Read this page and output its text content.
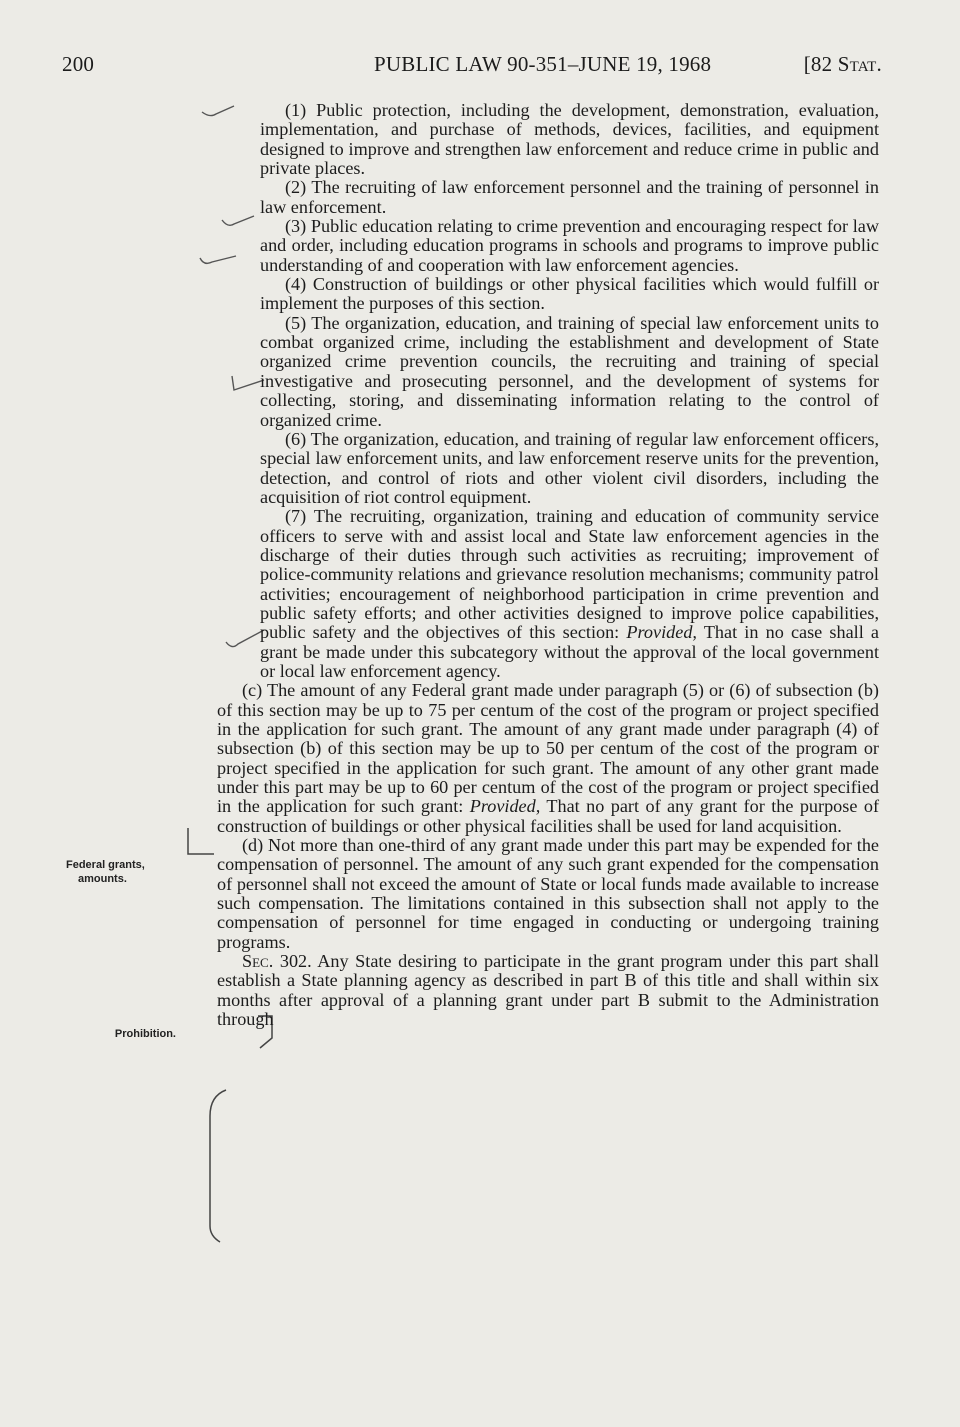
200	PUBLIC LAW 90-351–JUNE 19, 1968	[82 Stat.
Federal grants,
amounts.
Prohibition.

(1) Public protection, including the development, demonstration, evaluation, implementation, and purchase of methods, devices, facilities, and equipment designed to improve and strengthen law enforcement and reduce crime in public and private places.

(2) The recruiting of law enforcement personnel and the training of personnel in law enforcement.

(3) Public education relating to crime prevention and encouraging respect for law and order, including education programs in schools and programs to improve public understanding of and cooperation with law enforcement agencies.

(4) Construction of buildings or other physical facilities which would fulfill or implement the purposes of this section.

(5) The organization, education, and training of special law enforcement units to combat organized crime, including the establishment and development of State organized crime prevention councils, the recruiting and training of special investigative and prosecuting personnel, and the development of systems for collecting, storing, and disseminating information relating to the control of organized crime.

(6) The organization, education, and training of regular law enforcement officers, special law enforcement units, and law enforcement reserve units for the prevention, detection, and control of riots and other violent civil disorders, including the acquisition of riot control equipment.

(7) The recruiting, organization, training and education of community service officers to serve with and assist local and State law enforcement agencies in the discharge of their duties through such activities as recruiting; improvement of police-community relations and grievance resolution mechanisms; community patrol activities; encouragement of neighborhood participation in crime prevention and public safety efforts; and other activities designed to improve police capabilities, public safety and the objectives of this section: Provided, That in no case shall a grant be made under this subcategory without the approval of the local government or local law enforcement agency.

(c) The amount of any Federal grant made under paragraph (5) or (6) of subsection (b) of this section may be up to 75 per centum of the cost of the program or project specified in the application for such grant. The amount of any grant made under paragraph (4) of subsection (b) of this section may be up to 50 per centum of the cost of the program or project specified in the application for such grant. The amount of any other grant made under this part may be up to 60 per centum of the cost of the program or project specified in the application for such grant: Provided, That no part of any grant for the purpose of construction of buildings or other physical facilities shall be used for land acquisition.

(d) Not more than one-third of any grant made under this part may be expended for the compensation of personnel. The amount of any such grant expended for the compensation of personnel shall not exceed the amount of State or local funds made available to increase such compensation. The limitations contained in this subsection shall not apply to the compensation of personnel for time engaged in conducting or undergoing training programs.

Sec. 302. Any State desiring to participate in the grant program under this part shall establish a State planning agency as described in part B of this title and shall within six months after approval of a planning grant under part B submit to the Administration through
